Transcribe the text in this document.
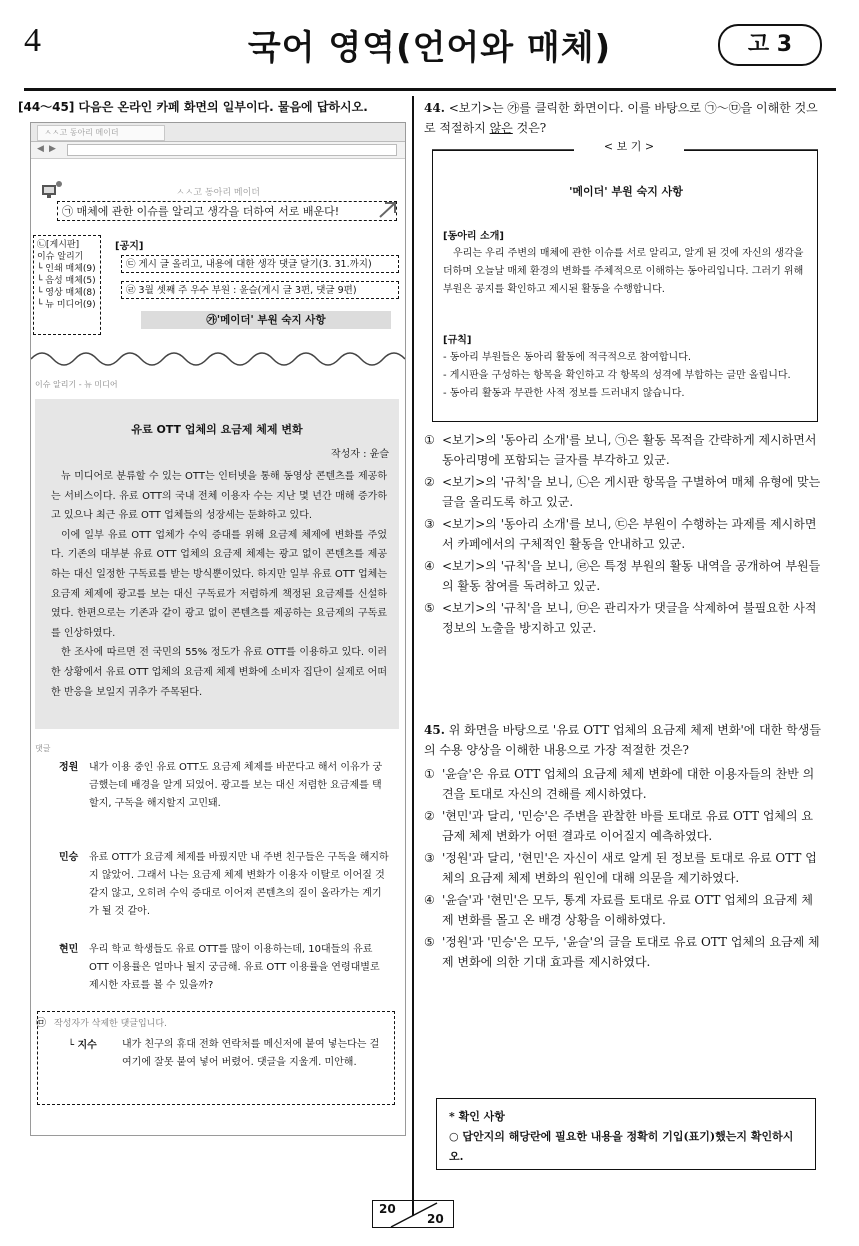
4	국어 영역(언어와 매체)	고 3
[44～45] 다음은 온라인 카페 화면의 일부이다. 물음에 답하시오.
ㅅㅅ고 동아리 메이더
◀ ▶
ㅅㅅ고 동아리 메이더
㉠ 매체에 관한 이슈를 알리고 생각을 더하여 서로 배운다!
㉡[게시판]
이슈 알리기
└ 인쇄 매체(9)
└ 음성 매체(5)
└ 영상 매체(8)
└ 뉴 미디어(9)
[공지]
㉢ 게시 글 올리고, 내용에 대한 생각 댓글 달기(3. 31.까지)
㉣ 3월 셋째 주 우수 부원 : 윤슬(게시 글 3편, 댓글 9편)
㉮'메이더' 부원 숙지 사항
이슈 알리기 - 뉴 미디어
유료 OTT 업체의 요금제 체제 변화
작성자 : 윤슬

뉴 미디어로 분류할 수 있는 OTT는 인터넷을 통해 동영상 콘텐츠를 제공하는 서비스이다. 유료 OTT의 국내 전체 이용자 수는 지난 몇 년간 매해 증가하고 있으나 최근 유료 OTT 업체들의 성장세는 둔화하고 있다.

이에 일부 유료 OTT 업체가 수익 증대를 위해 요금제 체제에 변화를 주었다. 기존의 대부분 유료 OTT 업체의 요금제 체제는 광고 없이 콘텐츠를 제공하는 대신 일정한 구독료를 받는 방식뿐이었다. 하지만 일부 유료 OTT 업체는 요금제 체제에 광고를 보는 대신 구독료가 저렴하게 책정된 요금제를 신설하였다. 한편으로는 기존과 같이 광고 없이 콘텐츠를 제공하는 요금제의 구독료를 인상하였다.

한 조사에 따르면 전 국민의 55% 정도가 유료 OTT를 이용하고 있다. 이러한 상황에서 유료 OTT 업체의 요금제 체제 변화에 소비자 집단이 실제로 어떠한 반응을 보일지 귀추가 주목된다.

댓글
정원 내가 이용 중인 유료 OTT도 요금제 체제를 바꾼다고 해서 이유가 궁금했는데 배경을 알게 되었어. 광고를 보는 대신 저렴한 요금제를 택할지, 구독을 해지할지 고민돼.
민승 유료 OTT가 요금제 체제를 바꿨지만 내 주변 친구들은 구독을 해지하지 않았어. 그래서 나는 요금제 체제 변화가 이용자 이탈로 이어질 것 같지 않고, 오히려 수익 증대로 이어져 콘텐츠의 질이 올라가는 계기가 될 것 같아.
현민 우리 학교 학생들도 유료 OTT를 많이 이용하는데, 10대들의 유료 OTT 이용률은 얼마나 될지 궁금해. 유료 OTT 이용률을 연령대별로 제시한 자료를 볼 수 있을까?
㉤ 작성자가 삭제한 댓글입니다.
└ 지수	내가 친구의 휴대 전화 연락처를 메신저에 붙여 넣는다는 걸 여기에 잘못 붙여 넣어 버렸어. 댓글을 지울게. 미안해.
44. <보기>는 ㉮를 클릭한 화면이다. 이를 바탕으로 ㉠～㉤을 이해한 것으로 적절하지 않은 것은?
'메이더' 부원 숙지 사항
[동아리 소개]
우리는 우리 주변의 매체에 관한 이슈를 서로 알리고, 알게 된 것에 자신의 생각을 더하며 오늘날 매체 환경의 변화를 주체적으로 이해하는 동아리입니다. 그러기 위해 부원은 공지를 확인하고 제시된 활동을 수행합니다.
[규칙]
- 동아리 부원들은 동아리 활동에 적극적으로 참여합니다.
- 게시판을 구성하는 항목을 확인하고 각 항목의 성격에 부합하는 글만 올립니다.
- 동아리 활동과 무관한 사적 정보를 드러내지 않습니다.
< 보 기 >
① <보기>의 '동아리 소개'를 보니, ㉠은 활동 목적을 간략하게 제시하면서 동아리명에 포함되는 글자를 부각하고 있군.
② <보기>의 '규칙'을 보니, ㉡은 게시판 항목을 구별하여 매체 유형에 맞는 글을 올리도록 하고 있군.
③ <보기>의 '동아리 소개'를 보니, ㉢은 부원이 수행하는 과제를 제시하면서 카페에서의 구체적인 활동을 안내하고 있군.
④ <보기>의 '규칙'을 보니, ㉣은 특정 부원의 활동 내역을 공개하여 부원들의 활동 참여를 독려하고 있군.
⑤ <보기>의 '규칙'을 보니, ㉤은 관리자가 댓글을 삭제하여 불필요한 사적 정보의 노출을 방지하고 있군.
45. 위 화면을 바탕으로 '유료 OTT 업체의 요금제 체제 변화'에 대한 학생들의 수용 양상을 이해한 내용으로 가장 적절한 것은?
① '윤슬'은 유료 OTT 업체의 요금제 체제 변화에 대한 이용자들의 찬반 의견을 토대로 자신의 견해를 제시하였다.
② '현민'과 달리, '민승'은 주변을 관찰한 바를 토대로 유료 OTT 업체의 요금제 체제 변화가 어떤 결과로 이어질지 예측하였다.
③ '정원'과 달리, '현민'은 자신이 새로 알게 된 정보를 토대로 유료 OTT 업체의 요금제 체제 변화의 원인에 대해 의문을 제기하였다.
④ '윤슬'과 '현민'은 모두, 통계 자료를 토대로 유료 OTT 업체의 요금제 체제 변화를 몰고 온 배경 상황을 이해하였다.
⑤ '정원'과 '민승'은 모두, '윤슬'의 글을 토대로 유료 OTT 업체의 요금제 체제 변화에 의한 기대 효과를 제시하였다.
* 확인 사항
○ 답안지의 해당란에 필요한 내용을 정확히 기입(표기)했는지 확인하시오.
20
20
